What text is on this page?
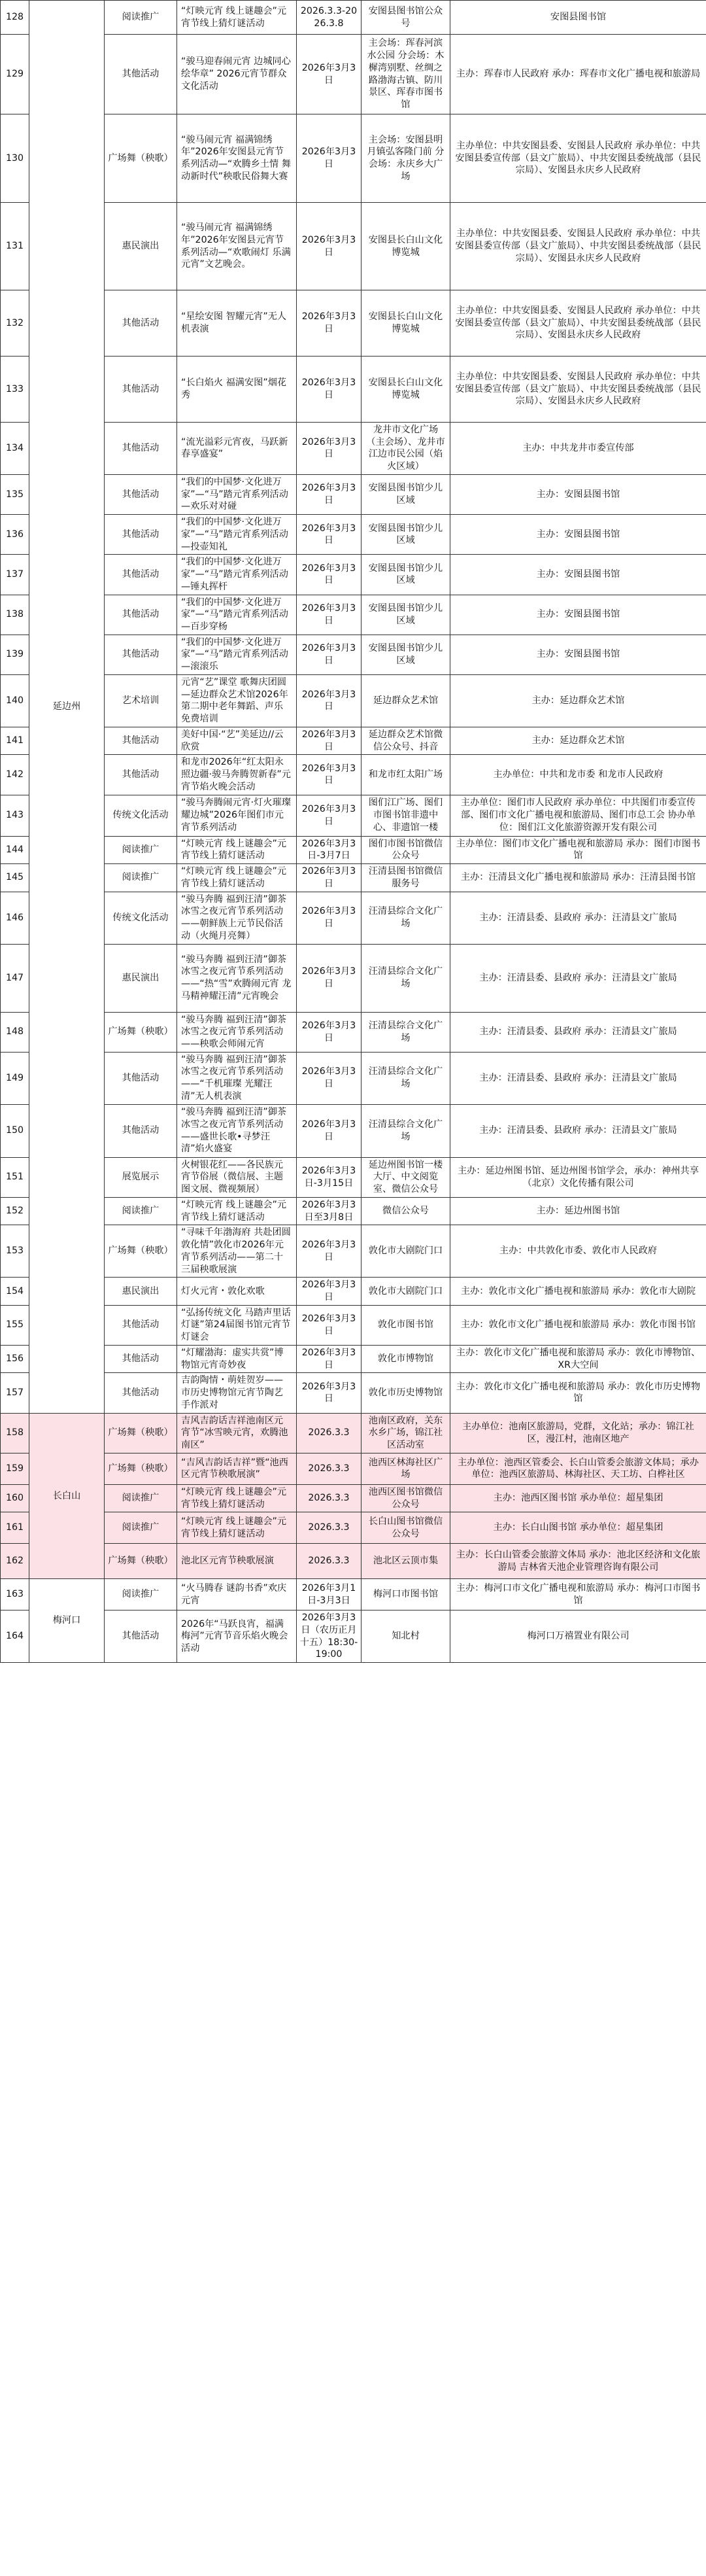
128	延边州	阅读推广	“灯映元宵 线上谜趣会”元宵节线上猜灯谜活动	2026.3.3-2026.3.8	安图县图书馆公众号	安图县图书馆
129		其他活动	“骏马迎春闹元宵 边城同心绘华章” 2026元宵节群众文化活动	2026年3月3日	主会场：珲春河滨水公园 分会场：木樨湾别墅、丝绸之路渤海古镇、防川景区、珲春市图书馆	主办：珲春市人民政府 承办：珲春市文化广播电视和旅游局
130		广场舞（秧歌）	“骏马闹元宵 福满锦绣年”2026年安图县元宵节系列活动—“欢腾乡土情 舞动新时代”秧歌民俗舞大赛	2026年3月3日	主会场：安图县明月镇弘客隆门前 分会场：永庆乡大广场	主办单位：中共安图县委、安图县人民政府 承办单位：中共安图县委宣传部（县文广旅局）、中共安图县委统战部（县民宗局）、安图县永庆乡人民政府
131		惠民演出	“骏马闹元宵 福满锦绣年”2026年安图县元宵节系列活动—“欢歌闹灯 乐满元宵”文艺晚会。	2026年3月3日	安图县长白山文化博览城	主办单位：中共安图县委、安图县人民政府 承办单位：中共安图县委宣传部（县文广旅局）、中共安图县委统战部（县民宗局）、安图县永庆乡人民政府
132		其他活动	“星绘安图 智耀元宵”无人机表演	2026年3月3日	安图县长白山文化博览城	主办单位：中共安图县委、安图县人民政府 承办单位：中共安图县委宣传部（县文广旅局）、中共安图县委统战部（县民宗局）、安图县永庆乡人民政府
133		其他活动	“长白焰火 福满安图”烟花秀	2026年3月3日	安图县长白山文化博览城	主办单位：中共安图县委、安图县人民政府 承办单位：中共安图县委宣传部（县文广旅局）、中共安图县委统战部（县民宗局）、安图县永庆乡人民政府
134		其他活动	“流光溢彩元宵夜，马跃新春享盛宴”	2026年3月3日	龙井市文化广场（主会场）、龙井市江边市民公园（焰火区域）	主办：中共龙井市委宣传部
135		其他活动	“我们的中国梦·文化进万家”—“马”踏元宵系列活动—欢乐对对碰	2026年3月3日	安图县图书馆少儿区域	主办：安图县图书馆
136		其他活动	“我们的中国梦·文化进万家”—“马”踏元宵系列活动—投壶知礼	2026年3月3日	安图县图书馆少儿区域	主办：安图县图书馆
137		其他活动	“我们的中国梦·文化进万家”—“马”踏元宵系列活动—锤丸挥杆	2026年3月3日	安图县图书馆少儿区域	主办：安图县图书馆
138		其他活动	“我们的中国梦·文化进万家”—“马”踏元宵系列活动—百步穿杨	2026年3月3日	安图县图书馆少儿区域	主办：安图县图书馆
139		其他活动	“我们的中国梦·文化进万家”—“马”踏元宵系列活动—滚滚乐	2026年3月3日	安图县图书馆少儿区域	主办：安图县图书馆
140		艺术培训	元宵“艺”课堂 歌舞庆团圆—延边群众艺术馆2026年第二期中老年舞蹈、声乐免费培训	2026年3月3日	延边群众艺术馆	主办：延边群众艺术馆
141		其他活动	美好中国·“艺”美延边//云欣赏	2026年3月3日	延边群众艺术馆微信公众号、抖音	主办：延边群众艺术馆
142		其他活动	和龙市2026年“红太阳永照边疆·骏马奔腾贺新春”元宵节焰火晚会活动	2026年3月3日	和龙市红太阳广场	主办单位：中共和龙市委 和龙市人民政府
143		传统文化活动	“骏马奔腾闹元宵·灯火璀璨耀边城”2026年图们市元宵节系列活动	2026年3月3日	图们江广场、图们市图书馆非遗中心、非遗馆一楼	主办单位：图们市人民政府 承办单位：中共图们市委宣传部、图们市文化广播电视和旅游局、图们市总工会 协办单位：图们江文化旅游资源开发有限公司
144		阅读推广	“灯映元宵 线上谜趣会”元宵节线上猜灯谜活动	2026年3月3日-3月7日	图们市图书馆微信公众号	主办单位：图们市文化广播电视和旅游局 承办：图们市图书馆
145		阅读推广	“灯映元宵 线上谜趣会”元宵节线上猜灯谜活动	2026年3月3日	汪清县图书馆微信服务号	主办：汪清县文化广播电视和旅游局 承办：汪清县图书馆
146		传统文化活动	“骏马奔腾 福到汪清”御茶冰雪之夜元宵节系列活动——朝鲜族上元节民俗活动（火绳月亮舞）	2026年3月3日	汪清县综合文化广场	主办：汪清县委、县政府 承办：汪清县文广旅局
147		惠民演出	“骏马奔腾 福到汪清”御茶冰雪之夜元宵节系列活动——“热“雪”欢腾闹元宵 龙马精神耀汪清”元宵晚会	2026年3月3日	汪清县综合文化广场	主办：汪清县委、县政府 承办：汪清县文广旅局
148		广场舞（秧歌）	“骏马奔腾 福到汪清”御茶冰雪之夜元宵节系列活动——秧歌会师闹元宵	2026年3月3日	汪清县综合文化广场	主办：汪清县委、县政府 承办：汪清县文广旅局
149		其他活动	“骏马奔腾 福到汪清”御茶冰雪之夜元宵节系列活动——“千机璀璨 光耀汪清”无人机表演	2026年3月3日	汪清县综合文化广场	主办：汪清县委、县政府 承办：汪清县文广旅局
150		其他活动	“骏马奔腾 福到汪清”御茶冰雪之夜元宵节系列活动——盛世长歌•寻梦汪清”焰火盛宴	2026年3月3日	汪清县综合文化广场	主办：汪清县委、县政府 承办：汪清县文广旅局
151		展览展示	火树银花红——各民族元宵节俗展（微信展、主题图文展、微视频展）	2026年3月3日-3月15日	延边州图书馆一楼大厅、中文阅览室、微信公众号	主办：延边州图书馆、延边州图书馆学会，承办：神州共享（北京）文化传播有限公司
152		阅读推广	“灯映元宵 线上谜趣会”元宵节线上猜灯谜活动	2026年3月3日至3月8日	微信公众号	主办：延边州图书馆
153		广场舞（秧歌）	“寻味千年渤海府 共赴团圆敦化情”敦化市2026年元宵节系列活动——第二十三届秧歌展演	2026年3月3日	敦化市大剧院门口	主办：中共敦化市委、敦化市人民政府
154		惠民演出	灯火元宵・敦化欢歌	2026年3月3日	敦化市大剧院门口	主办：敦化市文化广播电视和旅游局 承办：敦化市大剧院
155		其他活动	“弘扬传统文化 马踏声里话灯谜”第24届图书馆元宵节灯谜会	2026年3月3日	敦化市图书馆	主办：敦化市文化广播电视和旅游局 承办：敦化市图书馆
156		其他活动	“灯耀渤海：虚实共赏”博物馆元宵奇妙夜	2026年3月3日	敦化市博物馆	主办：敦化市文化广播电视和旅游局 承办：敦化市博物馆、XR大空间
157		其他活动	吉韵陶情・萌娃贺岁——市历史博物馆元宵节陶艺手作派对	2026年3月3日	敦化市历史博物馆	主办：敦化市文化广播电视和旅游局 承办：敦化市历史博物馆
158	长白山	广场舞（秧歌）	吉风吉韵话吉祥池南区元宵节“冰雪映元宵，欢腾池南区”	2026.3.3	池南区政府，关东水乡广场，锦江社区活动室	主办单位：池南区旅游局，党群，文化站；承办：锦江社区，漫江村，池南区地产
159		广场舞（秧歌）	“吉风吉韵话吉祥”暨“池西区元宵节秧歌展演”	2026.3.3	池西区林海社区广场	主办单位：池西区管委会、长白山管委会旅游文体局；承办单位：池西区旅游局、林海社区、天工坊、白桦社区
160		阅读推广	“灯映元宵 线上谜趣会”元宵节线上猜灯谜活动	2026.3.3	池西区图书馆微信公众号	主办：池西区图书馆 承办单位：超星集团
161		阅读推广	“灯映元宵 线上谜趣会”元宵节线上猜灯谜活动	2026.3.3	长白山图书馆微信公众号	主办：长白山图书馆 承办单位：超星集团
162		广场舞（秧歌）	池北区元宵节秧歌展演	2026.3.3	池北区云顶市集	主办：长白山管委会旅游文体局 承办：池北区经济和文化旅游局 吉林省天池企业管理咨询有限公司
163	梅河口	阅读推广	“火马腾春 谜韵书香”欢庆元宵	2026年3月1日-3月3日	梅河口市图书馆	主办：梅河口市文化广播电视和旅游局 承办：梅河口市图书馆
164		其他活动	2026年“马跃良宵，福满梅河”元宵节音乐焰火晚会活动	2026年3月3日（农历正月十五）18:30-19:00	知北村	梅河口万禧置业有限公司
